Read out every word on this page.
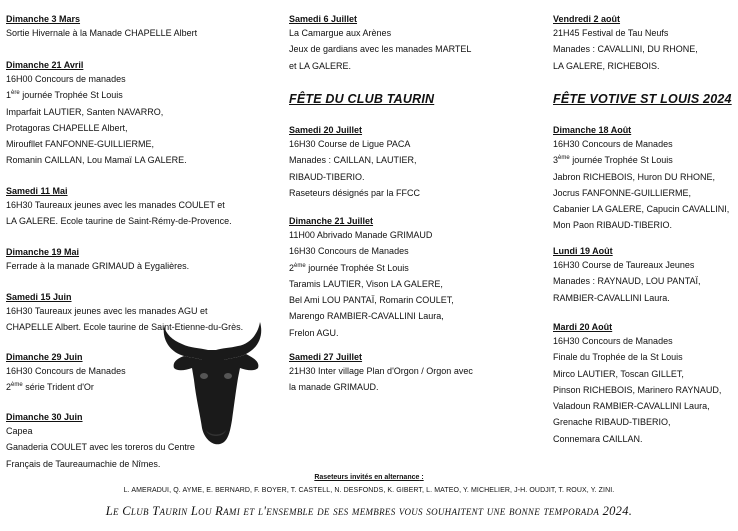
Dimanche 3 Mars
Sortie Hivernale à la Manade CHAPELLE Albert
Dimanche 21 Avril
16H00 Concours de manades
1ère journée Trophée St Louis
Imparfait LAUTIER, Santen NAVARRO,
Protagoras CHAPELLE Albert,
Miroufllet FANFONNE-GUILLIERME,
Romanin CAILLAN, Lou Mamaï LA GALERE.
Samedi 11 Mai
16H30 Taureaux jeunes avec les manades COULET et
LA GALERE. Ecole taurine de Saint-Rémy-de-Provence.
Dimanche 19 Mai
Ferrade à la manade GRIMAUD à Eygalières.
Samedi 15 Juin
16H30 Taureaux jeunes avec les manades AGU et
CHAPELLE Albert. Ecole taurine de Saint-Etienne-du-Grès.
Dimanche 29 Juin
16H30 Concours de Manades
2ème série Trident d'Or
Dimanche 30 Juin
Capea
Ganaderia COULET avec les toreros du Centre
Français de Taureaumachie de Nîmes.
Samedi 6 Juillet
La Camargue aux Arènes
Jeux de gardians avec les manades MARTEL
et LA GALERE.
FÊTE DU CLUB TAURIN
Samedi 20 Juillet
16H30 Course de Ligue PACA
Manades : CAILLAN, LAUTIER,
RIBAUD-TIBERIO.
Raseteurs désignés par la FFCC
Dimanche 21 Juillet
11H00 Abrivado Manade GRIMAUD
16H30 Concours de Manades
2ème journée Trophée St Louis
Taramis LAUTIER, Vison LA GALERE,
Bel Ami LOU PANTAÏ, Romarin COULET,
Marengo RAMBIER-CAVALLINI Laura,
Frelon AGU.
Samedi 27 Juillet
21H30 Inter village Plan d'Orgon / Orgon avec
la manade GRIMAUD.
Vendredi 2 août
21H45 Festival de Tau Neufs
Manades : CAVALLINI, DU RHONE,
LA GALERE, RICHEBOIS.
FÊTE VOTIVE ST LOUIS 2024
Dimanche 18 Août
16H30 Concours de Manades
3ème journée Trophée St Louis
Jabron RICHEBOIS, Huron DU RHONE,
Jocrus FANFONNE-GUILLIERME,
Cabanier LA GALERE, Capucin CAVALLINI,
Mon Paon RIBAUD-TIBERIO.
Lundi 19 Août
16H30 Course de Taureaux Jeunes
Manades : RAYNAUD, LOU PANTAÏ,
RAMBIER-CAVALLINI Laura.
Mardi 20 Août
16H30 Concours de Manades
Finale du Trophée de la St Louis
Mirco LAUTIER, Toscan GILLET,
Pinson RICHEBOIS, Marinero RAYNAUD,
Valadoun RAMBIER-CAVALLINI Laura,
Grenache RIBAUD-TIBERIO,
Connemara CAILLAN.
Raseteurs invités en alternance :
L. AMERADUI, Q. AYME, E. BERNARD, F. BOYER, T. CASTELL, N. DESFONDS, K. GIBERT, L. MATEO, Y. MICHELIER, J-H. OUDJIT, T. ROUX, Y. ZINI.
Le Club Taurin Lou Rami et l'ensemble de ses membres vous souhaitent une bonne temporada 2024.
